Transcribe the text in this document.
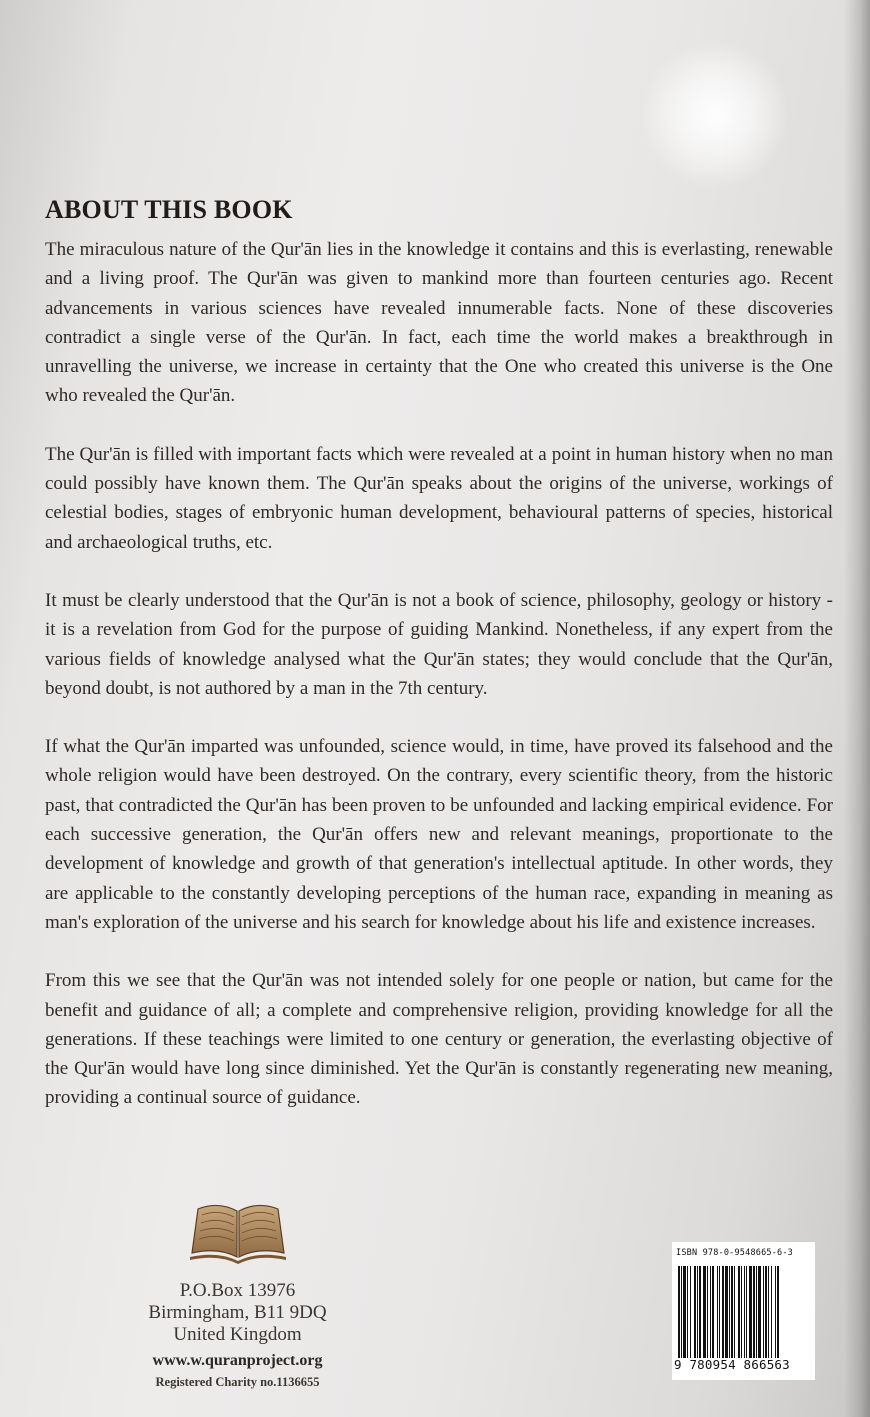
ABOUT THIS BOOK

The miraculous nature of the Qur'ān lies in the knowledge it contains and this is everlasting, renewable and a living proof. The Qur'ān was given to mankind more than fourteen centuries ago. Recent advancements in various sciences have revealed innumerable facts. None of these discoveries contradict a single verse of the Qur'ān. In fact, each time the world makes a breakthrough in unravelling the universe, we increase in certainty that the One who created this universe is the One who revealed the Qur'ān.

The Qur'ān is filled with important facts which were revealed at a point in human history when no man could possibly have known them. The Qur'ān speaks about the origins of the universe, workings of celestial bodies, stages of embryonic human development, behavioural patterns of species, historical and archaeological truths, etc.

It must be clearly understood that the Qur'ān is not a book of science, philosophy, geology or history - it is a revelation from God for the purpose of guiding Mankind. Nonetheless, if any expert from the various fields of knowledge analysed what the Qur'ān states; they would conclude that the Qur'ān, beyond doubt, is not authored by a man in the 7th century.

If what the Qur'ān imparted was unfounded, science would, in time, have proved its falsehood and the whole religion would have been destroyed. On the contrary, every scientific theory, from the historic past, that contradicted the Qur'ān has been proven to be unfounded and lacking empirical evidence. For each successive generation, the Qur'ān offers new and relevant meanings, proportionate to the development of knowledge and growth of that generation's intellectual aptitude. In other words, they are applicable to the constantly developing perceptions of the human race, expanding in meaning as man's exploration of the universe and his search for knowledge about his life and existence increases.

From this we see that the Qur'ān was not intended solely for one people or nation, but came for the benefit and guidance of all; a complete and comprehensive religion, providing knowledge for all the generations. If these teachings were limited to one century or generation, the everlasting objective of the Qur'ān would have long since diminished. Yet the Qur'ān is constantly regenerating new meaning, providing a continual source of guidance.

P.O.Box 13976
Birmingham, B11 9DQ
United Kingdom
www.w.quranproject.org
Registered Charity no.1136655
ISBN 978-0-9548665-6-3
9 780954 866563
